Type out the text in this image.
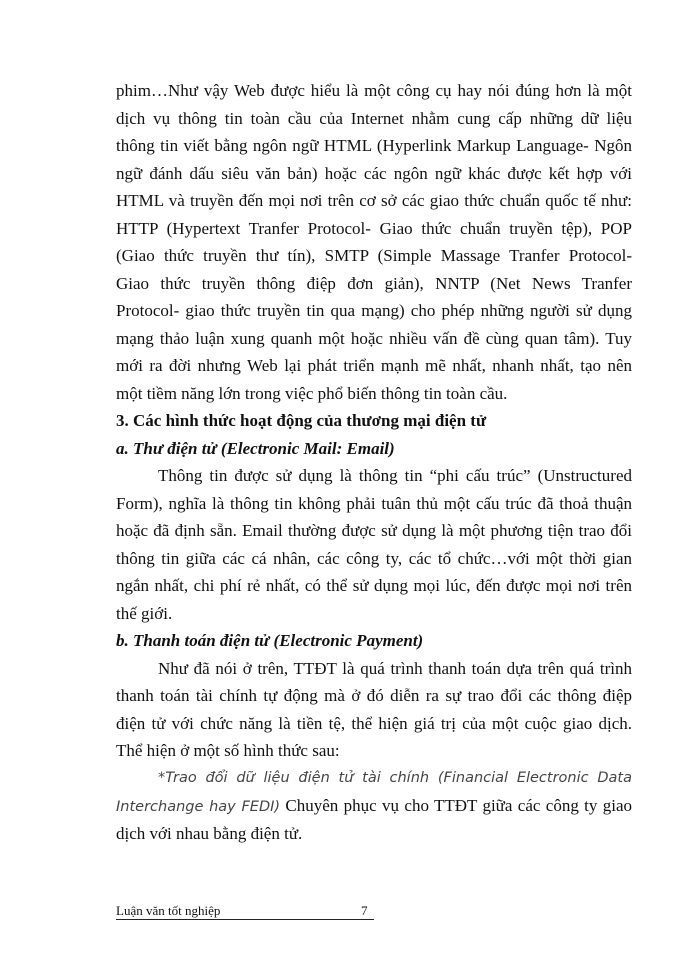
phim…Như vậy Web được hiểu là một công cụ hay nói đúng hơn là một
dịch vụ thông tin toàn cầu của Internet nhằm cung cấp những dữ liệu
thông tin viết bằng ngôn ngữ HTML (Hyperlink Markup Language- Ngôn
ngữ đánh dấu siêu văn bản) hoặc các ngôn ngữ khác được kết hợp với
HTML và truyền đến mọi nơi trên cơ sở các giao thức chuẩn quốc tế như:
HTTP (Hypertext Tranfer Protocol- Giao thức chuẩn truyền tệp), POP
(Giao thức truyền thư tín), SMTP (Simple Massage Tranfer Protocol-
Giao thức truyền thông điệp đơn giản), NNTP (Net News Tranfer
Protocol- giao thức truyền tin qua mạng) cho phép những người sử dụng
mạng thảo luận xung quanh một hoặc nhiều vấn đề cùng quan tâm). Tuy
mới ra đời nhưng Web lại phát triển mạnh mẽ nhất, nhanh nhất, tạo nên
một tiềm năng lớn trong việc phổ biến thông tin toàn cầu.
3. Các hình thức hoạt động của thương mại điện tử
a. Thư điện tử (Electronic Mail: Email)
Thông tin được sử dụng là thông tin “phi cấu trúc” (Unstructured
Form), nghĩa là thông tin không phải tuân thủ một cấu trúc đã thoả thuận
hoặc đã định sẵn. Email thường được sử dụng là một phương tiện trao đổi
thông tin giữa các cá nhân, các công ty, các tổ chức…với một thời gian
ngắn nhất, chi phí rẻ nhất, có thể sử dụng mọi lúc, đến được mọi nơi trên
thế giới.
b. Thanh toán điện tử (Electronic Payment)
Như đã nói ở trên, TTĐT là quá trình thanh toán dựa trên quá trình
thanh toán tài chính tự động mà ở đó diễn ra sự trao đổi các thông điệp
điện tử với chức năng là tiền tệ, thể hiện giá trị của một cuộc giao dịch.
Thể hiện ở một số hình thức sau:
*Trao đổi dữ liệu điện tử tài chính (Financial Electronic Data
Interchange hay FEDI) Chuyên phục vụ cho TTĐT giữa các công ty giao
dịch với nhau bằng điện tử.
Luận văn tốt nghiệp	7
